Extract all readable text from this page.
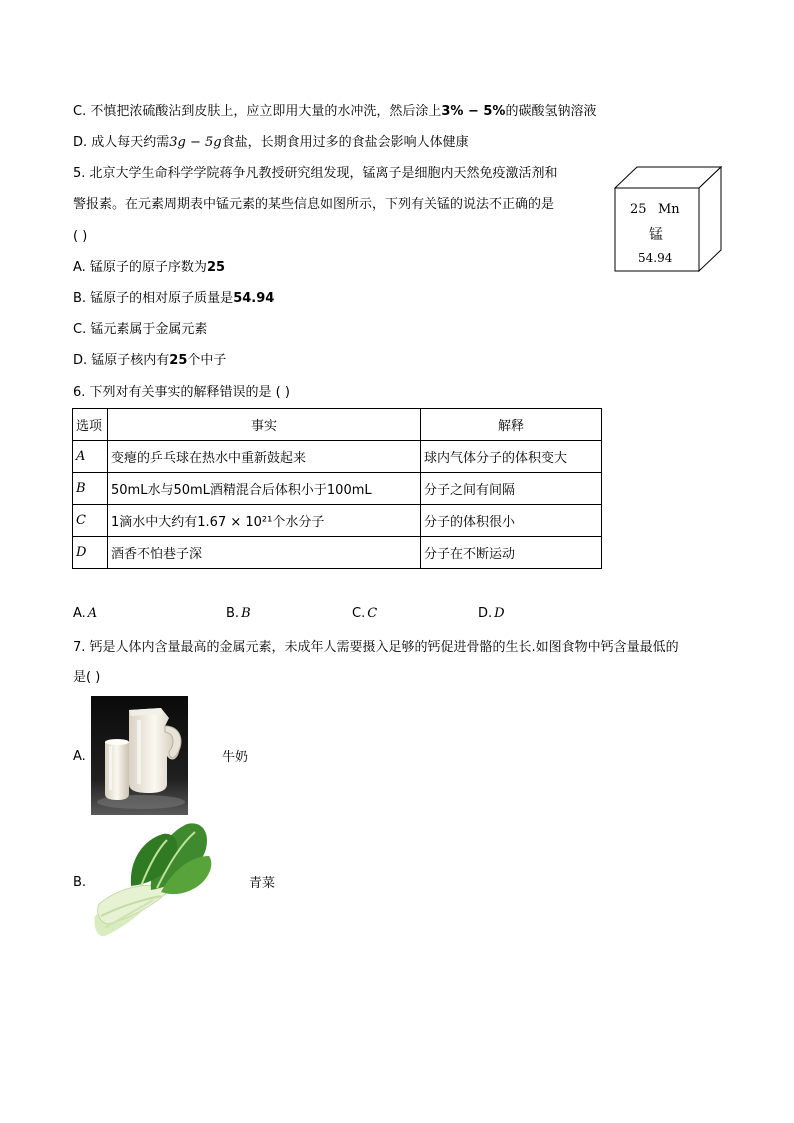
C. 不慎把浓硫酸沾到皮肤上，应立即用大量的水冲洗，然后涂上3% − 5%的碳酸氢钠溶液
D. 成人每天约需3g − 5g食盐，长期食用过多的食盐会影响人体健康
5. 北京大学生命科学学院蒋争凡教授研究组发现，锰离子是细胞内天然免疫激活剂和
警报素。在元素周期表中锰元素的某些信息如图所示，下列有关锰的说法不正确的是
( )
25 Mn
锰
54.94
A. 锰原子的原子序数为25
B. 锰原子的相对原子质量是54.94
C. 锰元素属于金属元素
D. 锰原子核内有25个中子
6. 下列对有关事实的解释错误的是 ( )
选项	事实	解释
A	变瘪的乒乓球在热水中重新鼓起来	球内气体分子的体积变大
B	50mL水与50mL酒精混合后体积小于100mL	分子之间有间隔
C	1滴水中大约有1.67 × 10²¹个水分子	分子的体积很小
D	酒香不怕巷子深	分子在不断运动
A. A	B. B	C. C	D. D
7. 钙是人体内含量最高的金属元素，未成年人需要摄入足够的钙促进骨骼的生长.如图食物中钙含量最低的
是( )
A.	牛奶
B.	青菜
